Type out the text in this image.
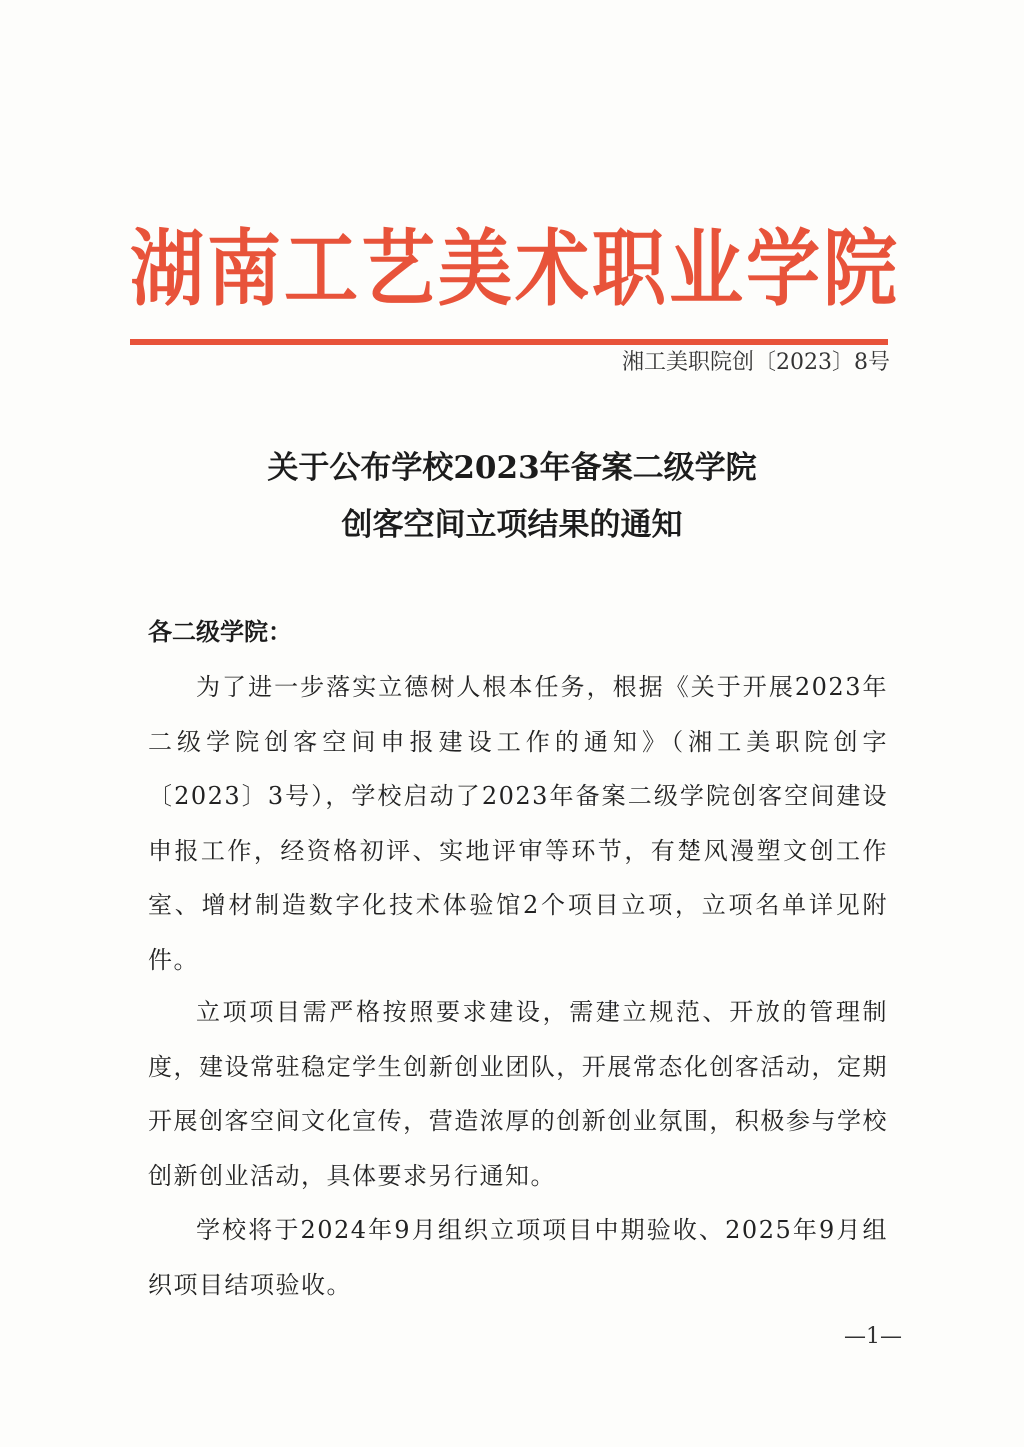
湖南工艺美术职业学院
湘工美职院创〔2023〕8号
关于公布学校2023年备案二级学院
创客空间立项结果的通知
各二级学院：

为了进一步落实立德树人根本任务，根据《关于开展2023年二级学院创客空间申报建设工作的通知》（湘工美职院创字〔2023〕3号），学校启动了2023年备案二级学院创客空间建设申报工作，经资格初评、实地评审等环节，有楚风漫塑文创工作室、增材制造数字化技术体验馆2个项目立项，立项名单详见附件。

立项项目需严格按照要求建设，需建立规范、开放的管理制度，建设常驻稳定学生创新创业团队，开展常态化创客活动，定期开展创客空间文化宣传，营造浓厚的创新创业氛围，积极参与学校创新创业活动，具体要求另行通知。

学校将于2024年9月组织立项项目中期验收、2025年9月组织项目结项验收。

—1—
